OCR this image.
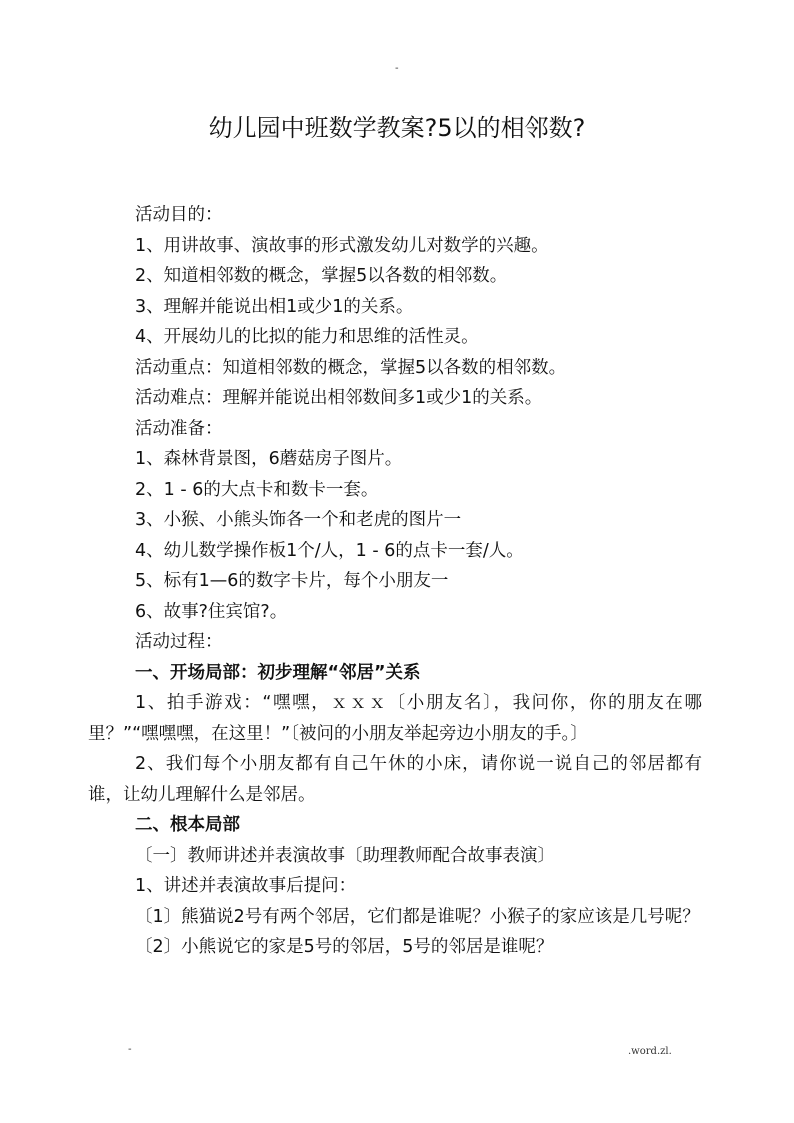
-
幼儿园中班数学教案?5以的相邻数?

活动目的：

1、用讲故事、演故事的形式激发幼儿对数学的兴趣。

2、知道相邻数的概念，掌握5以各数的相邻数。

3、理解并能说出相1或少1的关系。

4、开展幼儿的比拟的能力和思维的活性灵。

活动重点：知道相邻数的概念，掌握5以各数的相邻数。

活动难点：理解并能说出相邻数间多1或少1的关系。

活动准备：

1、森林背景图，6蘑菇房子图片。

2、1 - 6的大点卡和数卡一套。

3、小猴、小熊头饰各一个和老虎的图片一

4、幼儿数学操作板1个/人，1 - 6的点卡一套/人。

5、标有1—6的数字卡片，每个小朋友一

6、故事?住宾馆?。

活动过程：

一、开场局部：初步理解“邻居”关系

1、拍手游戏：“嘿嘿，ｘｘｘ〔小朋友名〕，我问你，你的朋友在哪里？”“嘿嘿嘿，在这里！”〔被问的小朋友举起旁边小朋友的手。〕

2、我们每个小朋友都有自己午休的小床，请你说一说自己的邻居都有谁，让幼儿理解什么是邻居。

二、根本局部

〔一〕教师讲述并表演故事〔助理教师配合故事表演〕

1、讲述并表演故事后提问：

〔1〕熊猫说2号有两个邻居，它们都是谁呢？小猴子的家应该是几号呢？

〔2〕小熊说它的家是5号的邻居，5号的邻居是谁呢？

-	.word.zl.
